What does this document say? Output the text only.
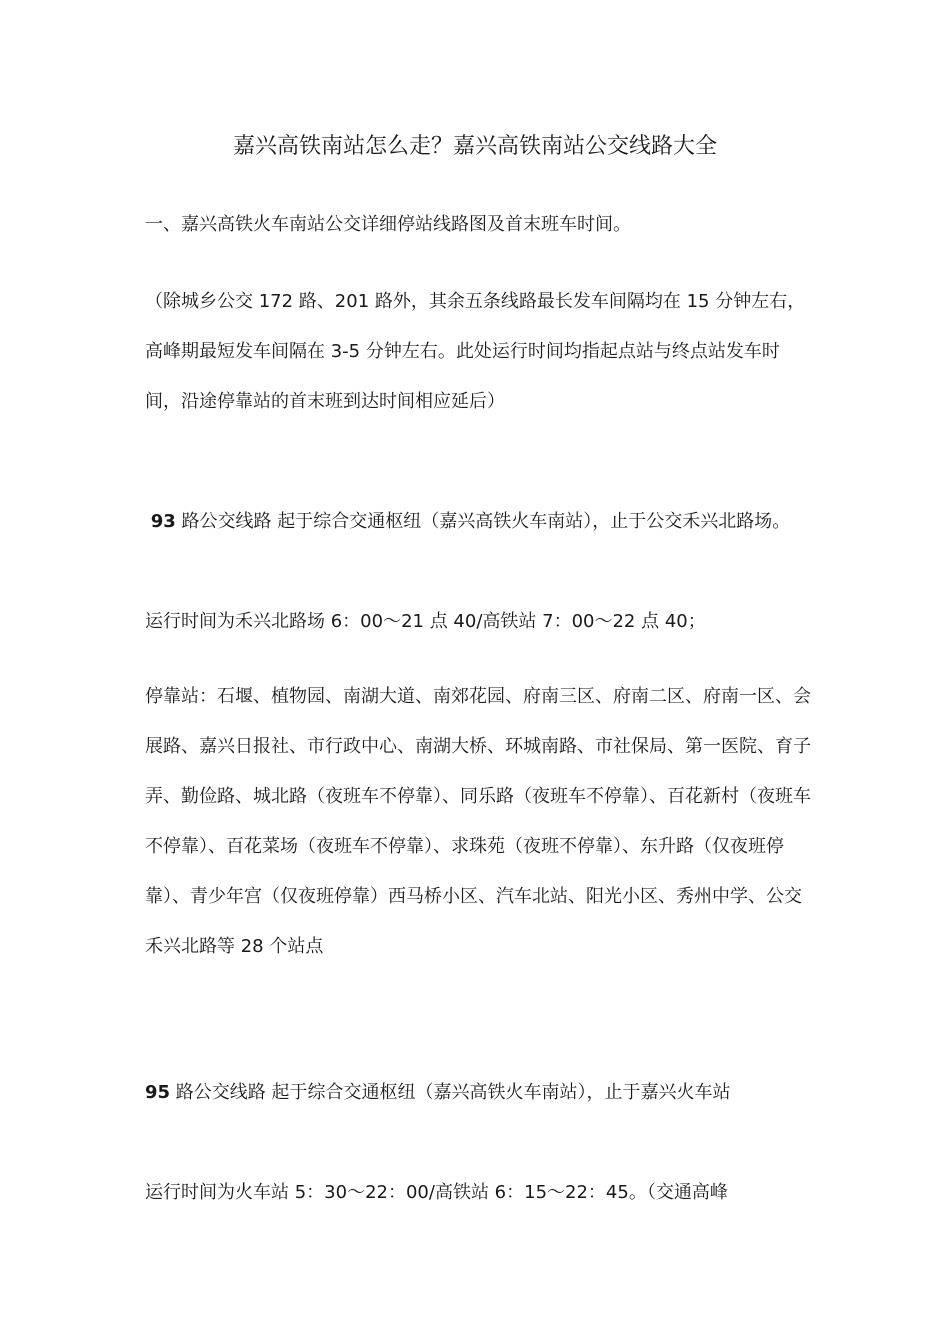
嘉兴高铁南站怎么走？嘉兴高铁南站公交线路大全

一、嘉兴高铁火车南站公交详细停站线路图及首末班车时间。

（除城乡公交 172 路、201 路外，其余五条线路最长发车间隔均在 15 分钟左右，高峰期最短发车间隔在 3-5 分钟左右。此处运行时间均指起点站与终点站发车时间，沿途停靠站的首末班到达时间相应延后）

93 路公交线路 起于综合交通枢纽（嘉兴高铁火车南站），止于公交禾兴北路场。

运行时间为禾兴北路场 6：00～21 点 40/高铁站 7：00～22 点 40；

停靠站：石堰、植物园、南湖大道、南郊花园、府南三区、府南二区、府南一区、会展路、嘉兴日报社、市行政中心、南湖大桥、环城南路、市社保局、第一医院、育子弄、勤俭路、城北路（夜班车不停靠）、同乐路（夜班车不停靠）、百花新村（夜班车不停靠）、百花菜场（夜班车不停靠）、求珠苑（夜班不停靠）、东升路（仅夜班停靠）、青少年宫（仅夜班停靠）西马桥小区、汽车北站、阳光小区、秀州中学、公交禾兴北路等 28 个站点

95 路公交线路 起于综合交通枢纽（嘉兴高铁火车南站），止于嘉兴火车站

运行时间为火车站 5：30～22：00/高铁站 6：15～22：45。（交通高峰
